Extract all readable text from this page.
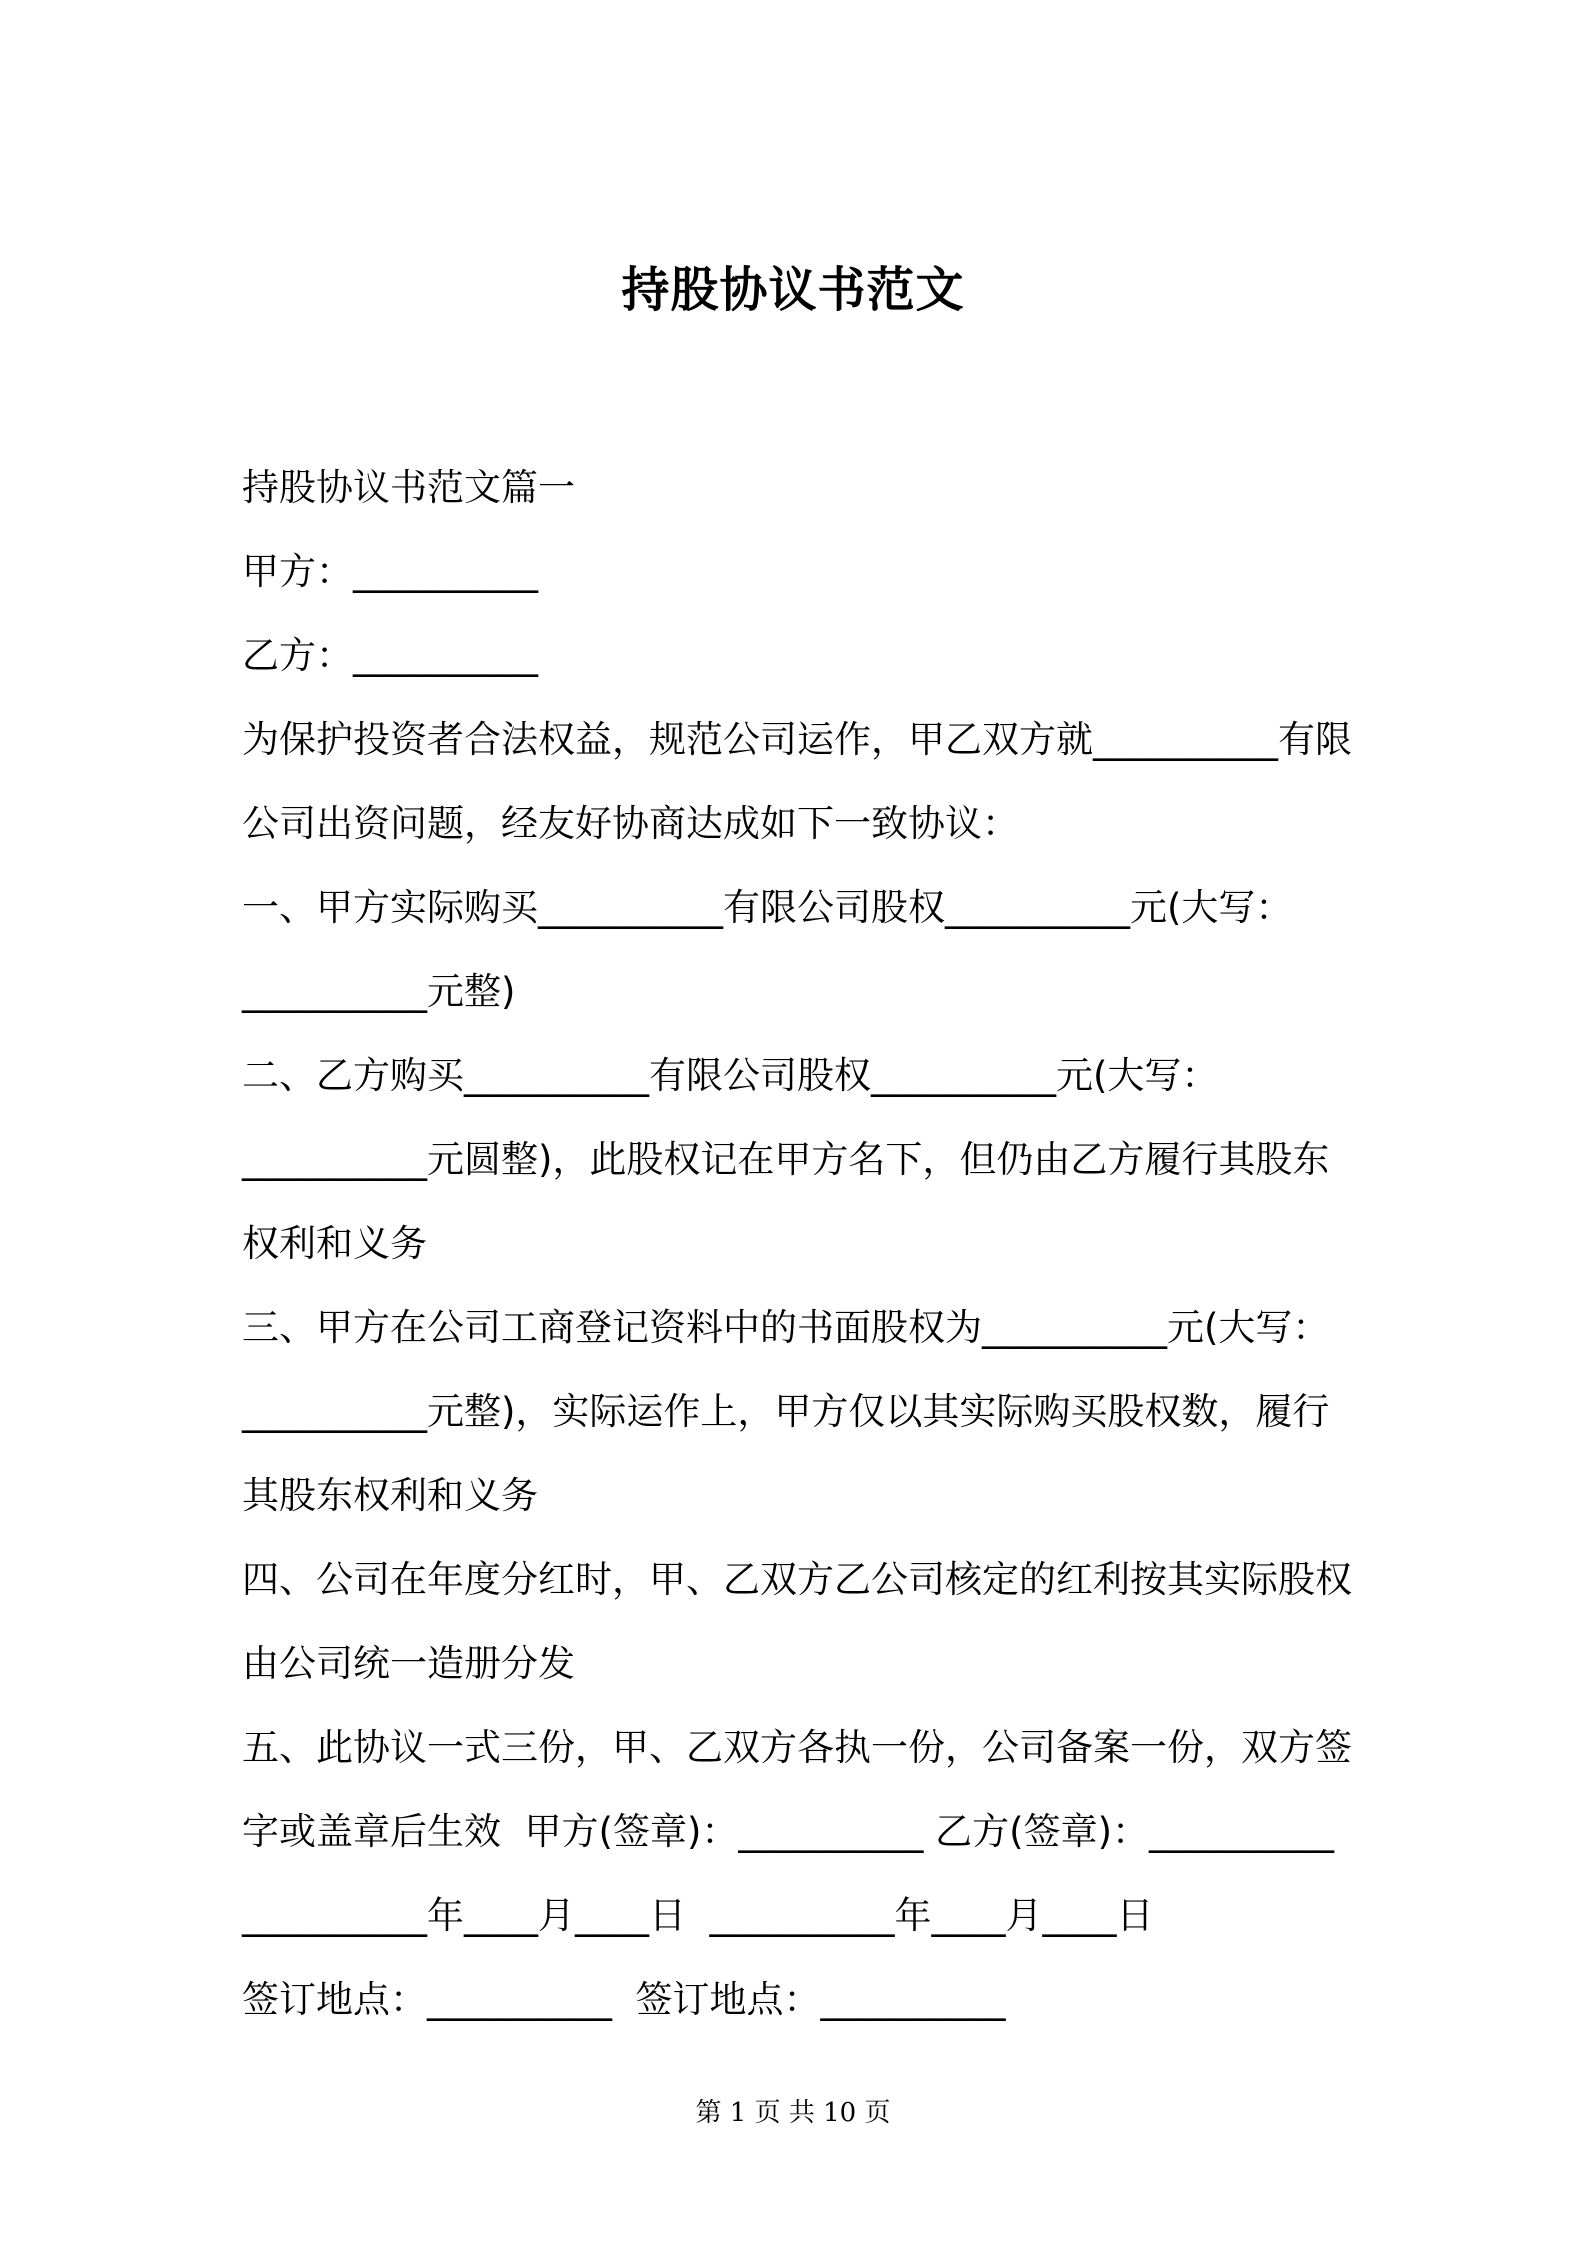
持股协议书范文
持股协议书范文篇一
甲方：__________
乙方：__________
为保护投资者合法权益，规范公司运作，甲乙双方就__________有限
公司出资问题，经友好协商达成如下一致协议：
一、甲方实际购买__________有限公司股权__________元(大写：
__________元整)
二、乙方购买__________有限公司股权__________元(大写：
__________元圆整)，此股权记在甲方名下，但仍由乙方履行其股东
权利和义务
三、甲方在公司工商登记资料中的书面股权为__________元(大写：
__________元整)，实际运作上，甲方仅以其实际购买股权数，履行
其股东权利和义务
四、公司在年度分红时，甲、乙双方乙公司核定的红利按其实际股权
由公司统一造册分发
五、此协议一式三份，甲、乙双方各执一份，公司备案一份，双方签
字或盖章后生效  甲方(签章)：__________ 乙方(签章)：__________
__________年____月____日  __________年____月____日
签订地点：__________  签订地点：__________
第 1 页 共 10 页
